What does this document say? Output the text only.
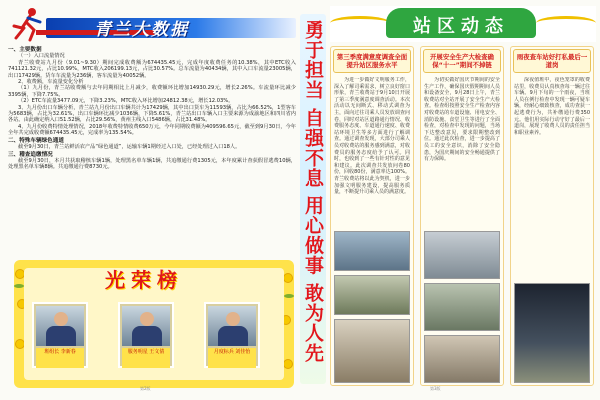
青兰大数据
一、主要数据

（一）入口流量情况

青兰收费站九月份（9.01~9.30）期间完成收费额为674435.45元，完成年度收费任务的10.38%，其中ETC收入741121.32元，占比10.99%，MTC收入206199.13元，占比30.57%。总车流量为40434辆，其中入口车流量23005辆，出口17429辆。货车车流量为236辆，客车流量为40052辆。

2、收费额，车流量变化分析

（1）九月份，青兰站收费额与去年同期相比上月减少，收费额环比增加14930.29元，增长2.26%。车流量环比减少3395辆，下降7.75%。

（2）ETC车流量3477.09元，下降3.23%，MTC收入环比增加24812.38元，增长12.03%。

3、九月份出口车辆分析，青兰站九月份出口车辆共计为17429辆，其中出口货车为11593辆，占比为66.52%，1型客车为5683辆，占比为32.61%，出口车辆环比减少1036辆，下降5.61%，青兰站出口车辆入口主要来源为成渝地区和四川省内各站。由此确定纳入口51.52辆，占比29.56%，黄州主线入口5486辆，占比31.48%。

4、九月份收费特情处理情况，2018年收费特情收费650万元，今年同期收费额为409596.65元，截至到9月30日，今年全年共完成收费额674435.45元，完成率为135.54%。

二、特殊车辆绿色通道

截至9月30日，青兰站鲜活农产品“绿色通道”，运输车辆1期经过入口处，已经处理过入口18人。

三、稽查追缴情况

截至9月30日，本月共获取稽核车辆1辆，处理黑名单车辆1辆，共追缴通行费1305元，本年度累计查获假冒逃费10辆，处理黑名单车辆8辆。共追缴通行费8730元。

光荣榜
班组长 李新春	服务明星 王文倩	月度标兵 刘佳怡
第2版
勇于担当 自强不息 用心做事 敢为人先	站区动态
第三季度满意度调查全面提升站区服务水平
为进一步做好文明服务工作，深入了解司乘需求，树立良好窗口形象，青兰收费站于9月10日开展了第三季度满意度调查活动。本次活动以无间断式、移动式调查为主，面向过往司乘人员发放调查问卷，同时对站区道路通行情况、收费服务态度、车道通行速度、收费站环境卫生等多方面进行了解调查。通过调查发现，大部分司乘人员对收费站的服务感到满意，对收费员的服务态度给予了认可。同时，也收到了一些有针对性的意见和建议。此次调查共发放问卷80份，回收80份，满意率达100%。青兰收费站将以此为契机，进一步加强文明服务建设，提高服务质量，不断提升司乘人员的满意度。
开展安全生产大检查确保“十一”期间不掉链
为切实做好国庆节期间的安全生产工作，确保国庆假期期间人员和设备安全，9月28日上午，青兰收费站对全站开展了安全生产大检查。检查组按照安全生产检查内容对收费站的车道设施、用电安全、消防设施、食堂卫生等进行了全面检查，对检查中发现的问题，当场下达整改意见，要求限期整改到位。通过此次检查，进一步提高了员工的安全意识，消除了安全隐患，为国庆期间的安全畅通提供了有力保障。
雨夜查车站好打私最后一道岗
深夜值班中，夜色笼罩的收费站里，收费员认真核查每一辆过往车辆。9月下旬的一个雨夜，当班人员在例行检查中发现一辆可疑车辆，经耐心细致核查，成功查获一起逃费行为，共补缴通行费350元。他们用实际行动守好了最后一道岗，展现了收费人员的责任担当和职业素养。
第3版
